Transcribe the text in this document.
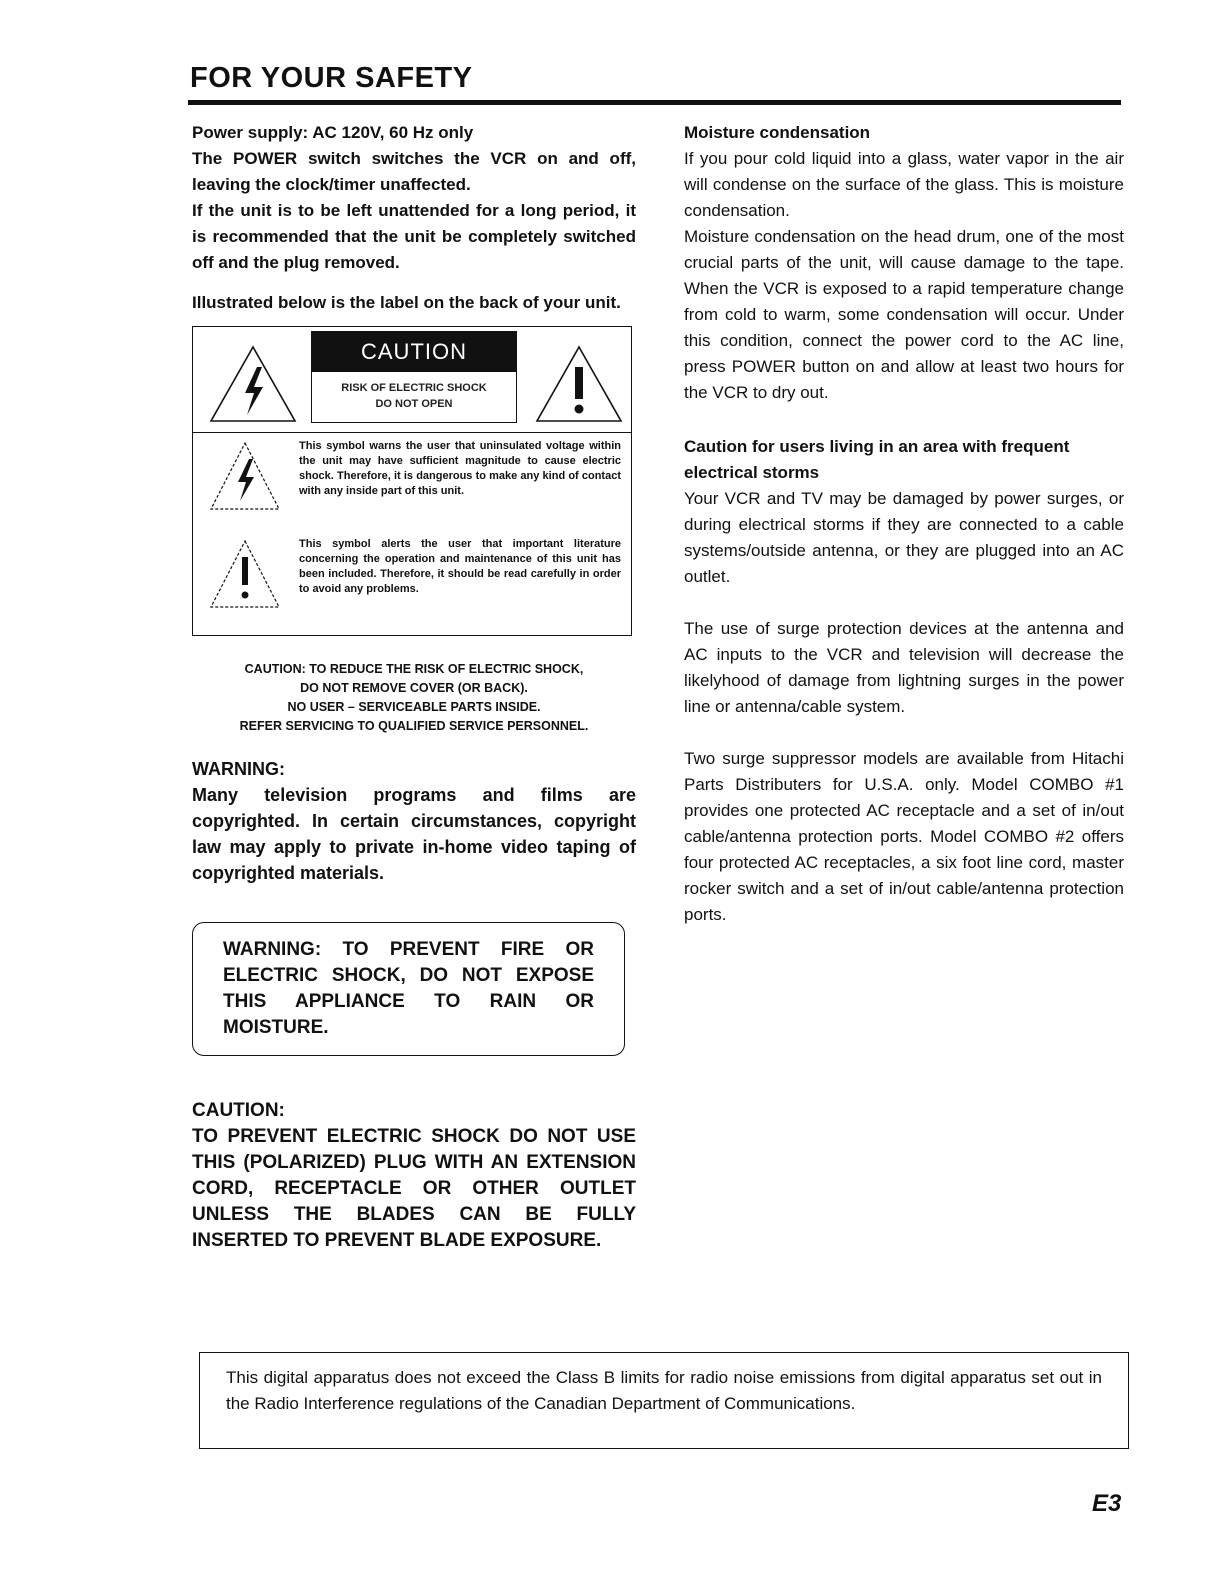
FOR YOUR SAFETY

Power supply: AC 120V, 60 Hz only

The POWER switch switches the VCR on and off, leaving the clock/timer unaffected.

If the unit is to be left unattended for a long period, it is recommended that the unit be completely switched off and the plug removed.

Illustrated below is the label on the back of your unit.

CAUTION
RISK OF ELECTRIC SHOCK
DO NOT OPEN

This symbol warns the user that uninsulated voltage within the unit may have sufficient magnitude to cause electric shock. Therefore, it is dangerous to make any kind of contact with any inside part of this unit.

This symbol alerts the user that important literature concerning the operation and maintenance of this unit has been included. Therefore, it should be read carefully in order to avoid any problems.

CAUTION: TO REDUCE THE RISK OF ELECTRIC SHOCK,
DO NOT REMOVE COVER (OR BACK).
NO USER – SERVICEABLE PARTS INSIDE.
REFER SERVICING TO QUALIFIED SERVICE PERSONNEL.

WARNING:

Many television programs and films are copyrighted. In certain circumstances, copyright law may apply to private in-home video taping of copyrighted materials.

WARNING: TO PREVENT FIRE OR ELECTRIC SHOCK, DO NOT EXPOSE THIS APPLIANCE TO RAIN OR MOISTURE.

CAUTION:

TO PREVENT ELECTRIC SHOCK DO NOT USE THIS (POLARIZED) PLUG WITH AN EXTENSION CORD, RECEPTACLE OR OTHER OUTLET UNLESS THE BLADES CAN BE FULLY INSERTED TO PREVENT BLADE EXPOSURE.

Moisture condensation

If you pour cold liquid into a glass, water vapor in the air will condense on the surface of the glass. This is moisture condensation.

Moisture condensation on the head drum, one of the most crucial parts of the unit, will cause damage to the tape. When the VCR is exposed to a rapid temperature change from cold to warm, some condensation will occur. Under this condition, connect the power cord to the AC line, press POWER button on and allow at least two hours for the VCR to dry out.

Caution for users living in an area with frequent electrical storms

Your VCR and TV may be damaged by power surges, or during electrical storms if they are connected to a cable systems/outside antenna, or they are plugged into an AC outlet.

The use of surge protection devices at the antenna and AC inputs to the VCR and television will decrease the likelyhood of damage from lightning surges in the power line or antenna/cable system.

Two surge suppressor models are available from Hitachi Parts Distributers for U.S.A. only. Model COMBO #1 provides one protected AC receptacle and a set of in/out cable/antenna protection ports. Model COMBO #2 offers four protected AC receptacles, a six foot line cord, master rocker switch and a set of in/out cable/antenna protection ports.

This digital apparatus does not exceed the Class B limits for radio noise emissions from digital apparatus set out in the Radio Interference regulations of the Canadian Department of Communications.
E3
